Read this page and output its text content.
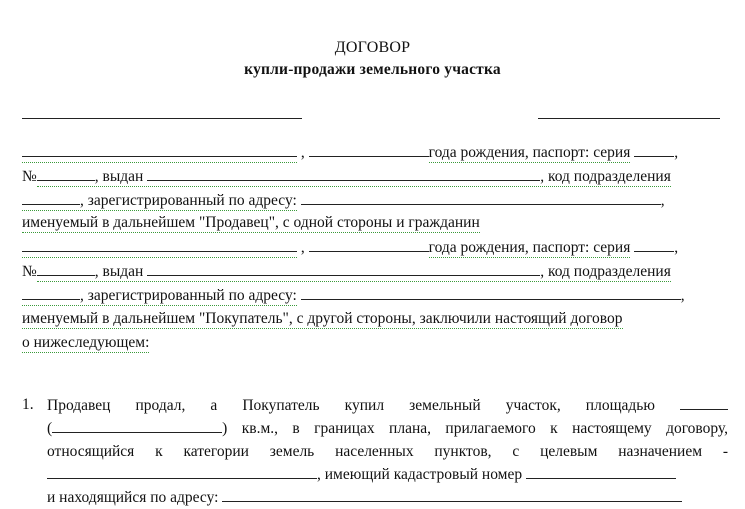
ДОГОВОР
купли-продажи земельного участка
,	года рождения, паспорт: серия	,
№	, выдан	, код подразделения
, зарегистрированный по адресу:	,
именуемый в дальнейшем "Продавец", с одной стороны и гражданин
,	года рождения, паспорт: серия	,
№	, выдан	, код подразделения
, зарегистрированный по адресу:	,
именуемый в дальнейшем "Покупатель", с другой стороны, заключили настоящий договор
о нижеследующем:
1. Продавец продал, а Покупатель купил земельный участок, площадью
(	) кв.м., в границах плана, прилагаемого к настоящему договору,
относящийся к категории земель населенных пунктов, с целевым назначением -
, имеющий кадастровый номер
и находящийся по адресу:
